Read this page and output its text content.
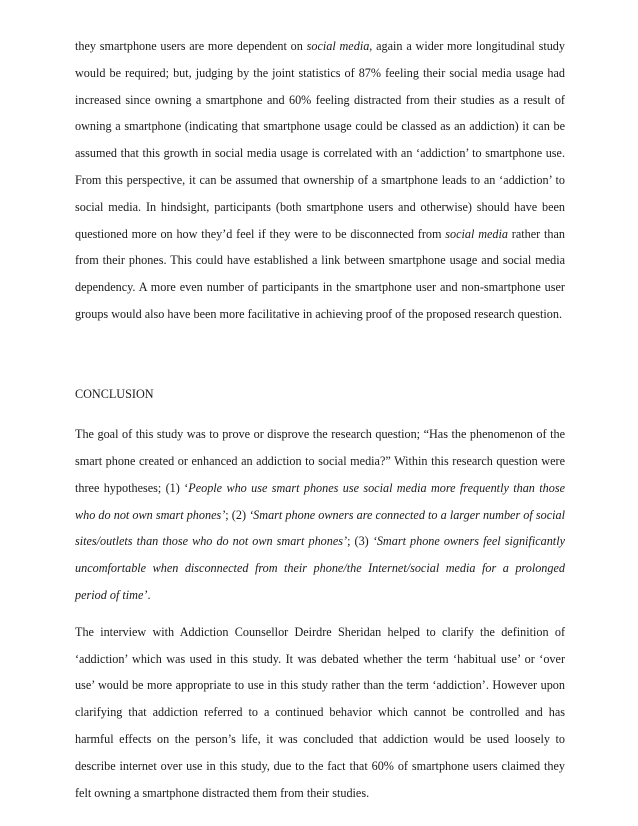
they smartphone users are more dependent on social media, again a wider more longitudinal study would be required; but, judging by the joint statistics of 87% feeling their social media usage had increased since owning a smartphone and 60% feeling distracted from their studies as a result of owning a smartphone (indicating that smartphone usage could be classed as an addiction) it can be assumed that this growth in social media usage is correlated with an ‘addiction’ to smartphone use. From this perspective, it can be assumed that ownership of a smartphone leads to an ‘addiction’ to social media. In hindsight, participants (both smartphone users and otherwise) should have been questioned more on how they’d feel if they were to be disconnected from social media rather than from their phones. This could have established a link between smartphone usage and social media dependency. A more even number of participants in the smartphone user and non-smartphone user groups would also have been more facilitative in achieving proof of the proposed research question.

CONCLUSION

The goal of this study was to prove or disprove the research question; “Has the phenomenon of the smart phone created or enhanced an addiction to social media?” Within this research question were three hypotheses; (1) ‘People who use smart phones use social media more frequently than those who do not own smart phones’; (2) ‘Smart phone owners are connected to a larger number of social sites/outlets than those who do not own smart phones’; (3) ‘Smart phone owners feel significantly uncomfortable when disconnected from their phone/the Internet/social media for a prolonged period of time’.

The interview with Addiction Counsellor Deirdre Sheridan helped to clarify the definition of ‘addiction’ which was used in this study. It was debated whether the term ‘habitual use’ or ‘over use’ would be more appropriate to use in this study rather than the term ‘addiction’. However upon clarifying that addiction referred to a continued behavior which cannot be controlled and has harmful effects on the person’s life, it was concluded that addiction would be used loosely to describe internet over use in this study, due to the fact that 60% of smartphone users claimed they felt owning a smartphone distracted them from their studies.
